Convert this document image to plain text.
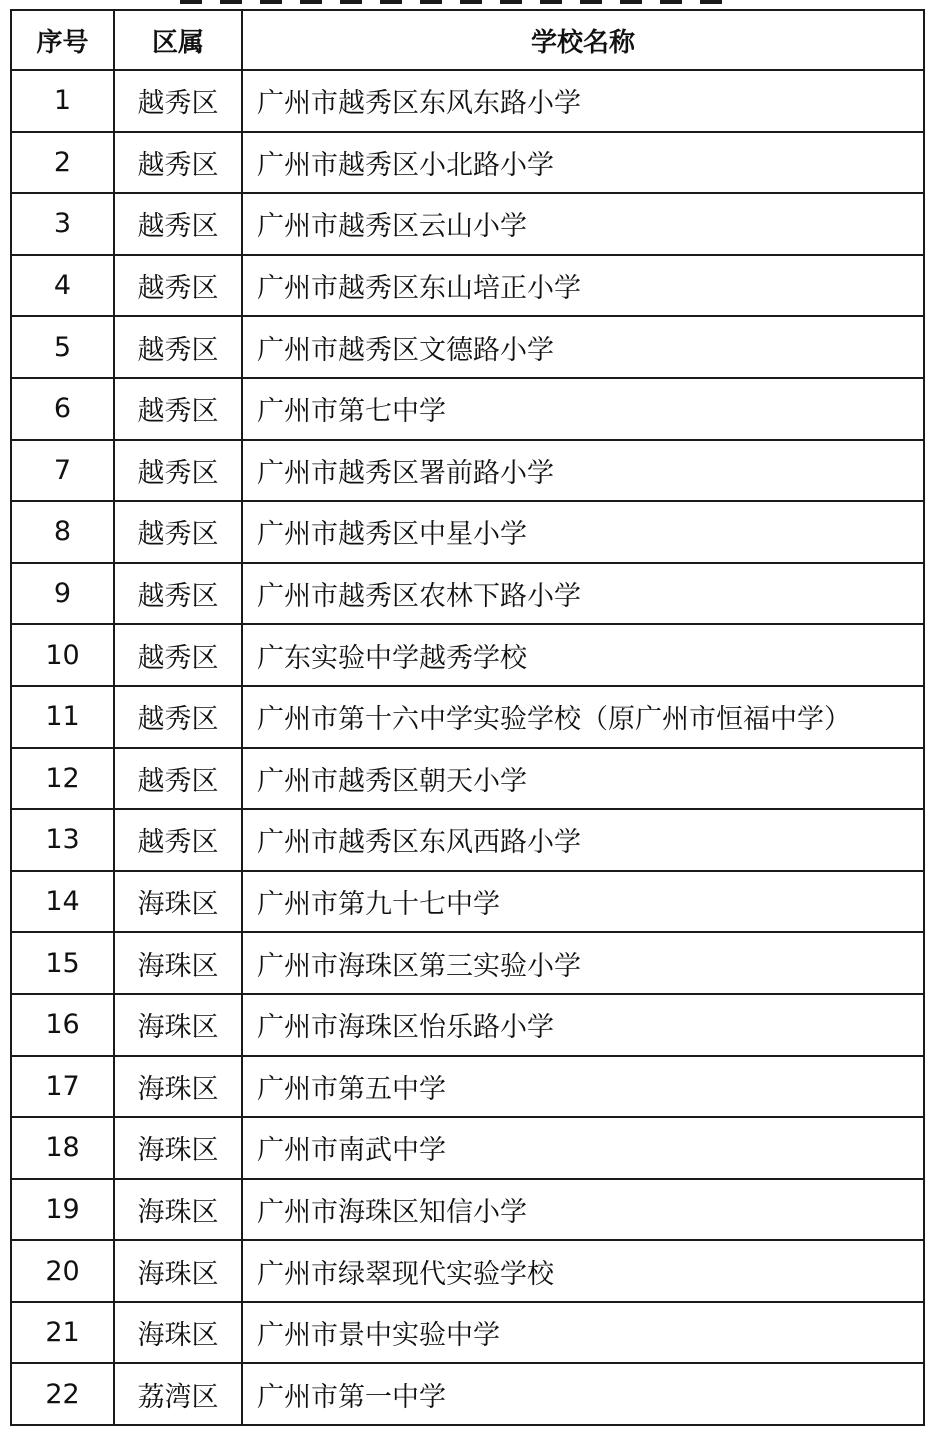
序号	区属	学校名称
1	越秀区	广州市越秀区东风东路小学
2	越秀区	广州市越秀区小北路小学
3	越秀区	广州市越秀区云山小学
4	越秀区	广州市越秀区东山培正小学
5	越秀区	广州市越秀区文德路小学
6	越秀区	广州市第七中学
7	越秀区	广州市越秀区署前路小学
8	越秀区	广州市越秀区中星小学
9	越秀区	广州市越秀区农林下路小学
10	越秀区	广东实验中学越秀学校
11	越秀区	广州市第十六中学实验学校（原广州市恒福中学）
12	越秀区	广州市越秀区朝天小学
13	越秀区	广州市越秀区东风西路小学
14	海珠区	广州市第九十七中学
15	海珠区	广州市海珠区第三实验小学
16	海珠区	广州市海珠区怡乐路小学
17	海珠区	广州市第五中学
18	海珠区	广州市南武中学
19	海珠区	广州市海珠区知信小学
20	海珠区	广州市绿翠现代实验学校
21	海珠区	广州市景中实验中学
22	荔湾区	广州市第一中学
